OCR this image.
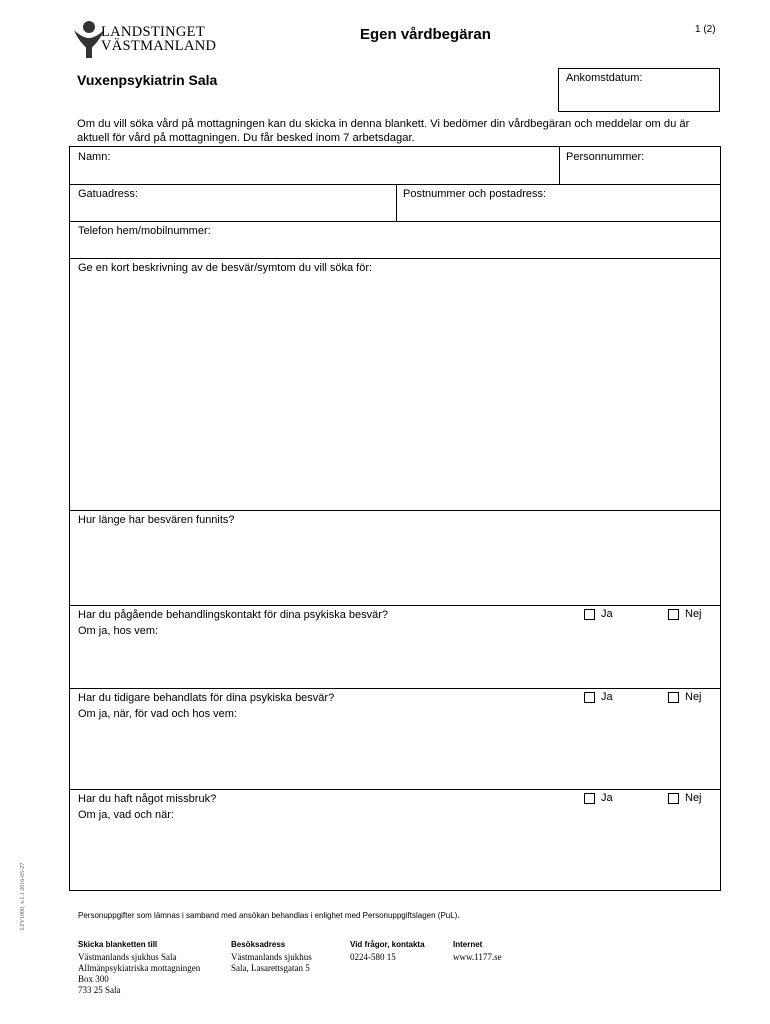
LANDSTINGET
VÄSTMANLAND
Egen vårdbegäran	1 (2)
Vuxenpsykiatrin Sala	Ankomstdatum:
Om du vill söka vård på mottagningen kan du skicka in denna blankett. Vi bedömer din vårdbegäran och meddelar om du är aktuell för vård på mottagningen. Du får besked inom 7 arbetsdagar.
Namn:	Personnummer:
Gatuadress:	Postnummer och postadress:
Telefon hem/mobilnummer:
Ge en kort beskrivning av de besvär/symtom du vill söka för:
Hur länge har besvären funnits?
Har du pågående behandlingskontakt för dina psykiska besvär?
Om ja, hos vem:
Ja	Nej
Har du tidigare behandlats för dina psykiska besvär?
Om ja, när, för vad och hos vem:
Ja	Nej
Har du haft något missbruk?
Om ja, vad och när:
Ja	Nej
LTV1000, v.1.1 2016-05-27	Personuppgifter som lämnas i samband med ansökan behandlas i enlighet med Personuppgiftslagen (PuL).
Skicka blanketten till
Västmanlands sjukhus Sala
Allmänpsykiatriska mottagningen
Box 300
733 25 Sala
Besöksadress
Västmanlands sjukhus
Sala, Lasarettsgatan 5
Vid frågor, kontakta
0224-580 15
Internet
www.1177.se
